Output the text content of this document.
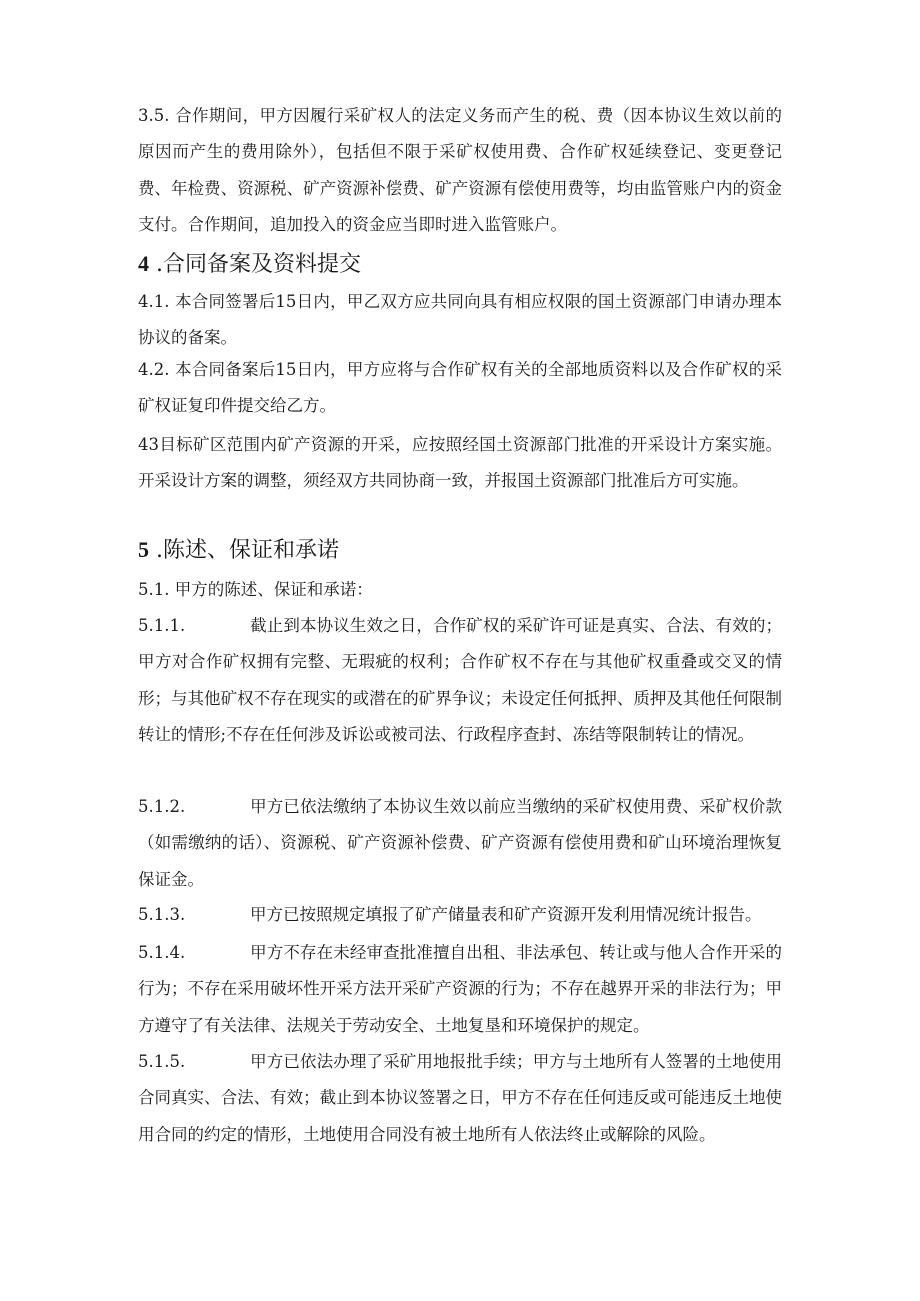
3.5. 合作期间，甲方因履行采矿权人的法定义务而产生的税、费（因本协议生效以前的原因而产生的费用除外），包括但不限于采矿权使用费、合作矿权延续登记、变更登记费、年检费、资源税、矿产资源补偿费、矿产资源有偿使用费等，均由监管账户内的资金支付。合作期间，追加投入的资金应当即时进入监管账户。

4 .合同备案及资料提交

4.1. 本合同签署后15日内，甲乙双方应共同向具有相应权限的国土资源部门申请办理本协议的备案。

4.2. 本合同备案后15日内，甲方应将与合作矿权有关的全部地质资料以及合作矿权的采矿权证复印件提交给乙方。

43目标矿区范围内矿产资源的开采，应按照经国土资源部门批准的开采设计方案实施。开采设计方案的调整，须经双方共同协商一致，并报国土资源部门批准后方可实施。

5 .陈述、保证和承诺

5.1. 甲方的陈述、保证和承诺：

5.1.1.	截止到本协议生效之日，合作矿权的采矿许可证是真实、合法、有效的；甲方对合作矿权拥有完整、无瑕疵的权利；合作矿权不存在与其他矿权重叠或交叉的情形；与其他矿权不存在现实的或潜在的矿界争议；未设定任何抵押、质押及其他任何限制转让的情形;不存在任何涉及诉讼或被司法、行政程序查封、冻结等限制转让的情况。

5.1.2.	甲方已依法缴纳了本协议生效以前应当缴纳的采矿权使用费、采矿权价款（如需缴纳的话）、资源税、矿产资源补偿费、矿产资源有偿使用费和矿山环境治理恢复保证金。

5.1.3.	甲方已按照规定填报了矿产储量表和矿产资源开发利用情况统计报告。

5.1.4.	甲方不存在未经审查批准擅自出租、非法承包、转让或与他人合作开采的行为；不存在采用破坏性开采方法开采矿产资源的行为；不存在越界开采的非法行为；甲方遵守了有关法律、法规关于劳动安全、土地复垦和环境保护的规定。

5.1.5.	甲方已依法办理了采矿用地报批手续；甲方与土地所有人签署的土地使用合同真实、合法、有效；截止到本协议签署之日，甲方不存在任何违反或可能违反土地使用合同的约定的情形，土地使用合同没有被土地所有人依法终止或解除的风险。
